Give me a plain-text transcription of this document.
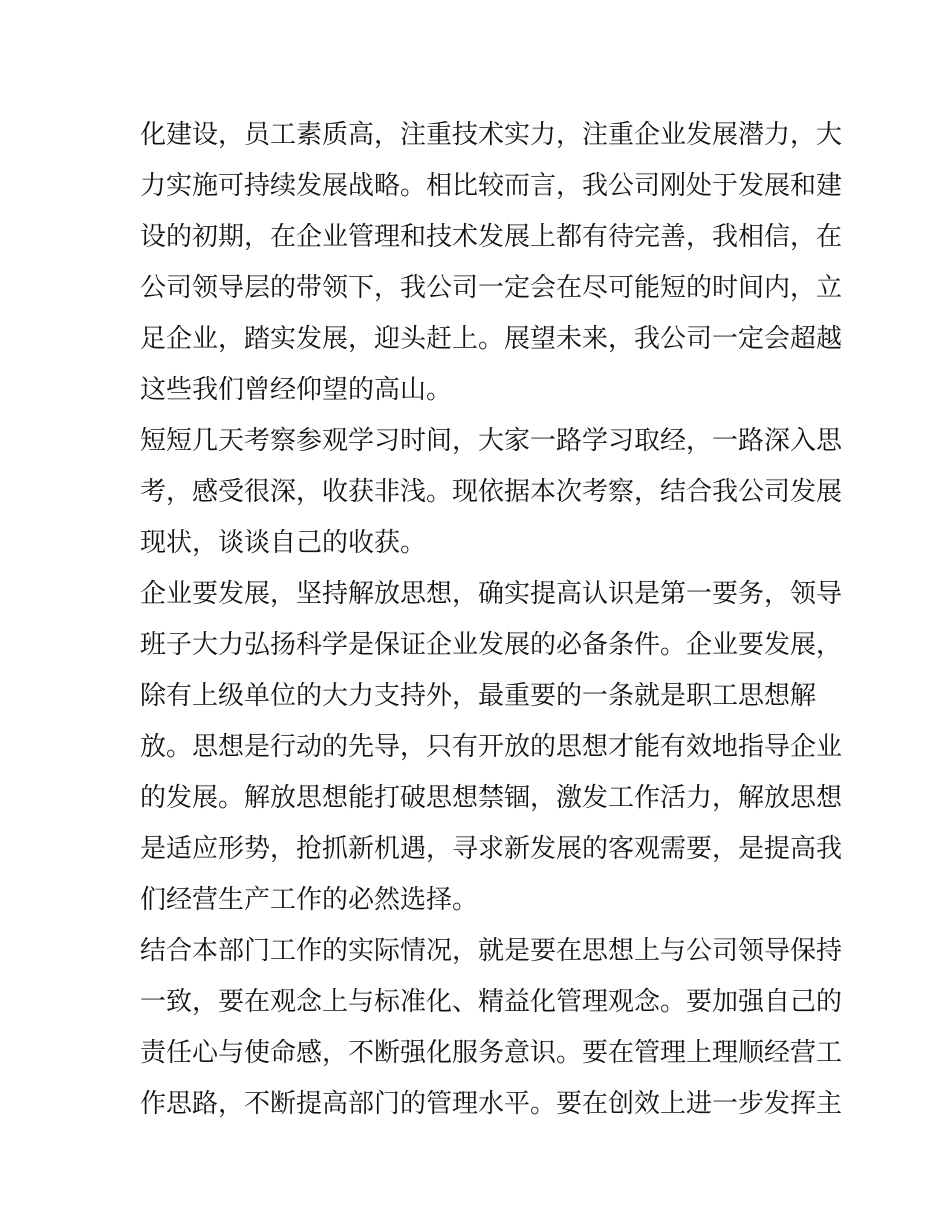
化建设，员工素质高，注重技术实力，注重企业发展潜力，大
力实施可持续发展战略。相比较而言，我公司刚处于发展和建
设的初期，在企业管理和技术发展上都有待完善，我相信，在
公司领导层的带领下，我公司一定会在尽可能短的时间内，立
足企业，踏实发展，迎头赶上。展望未来，我公司一定会超越
这些我们曾经仰望的高山。
短短几天考察参观学习时间，大家一路学习取经，一路深入思
考，感受很深，收获非浅。现依据本次考察，结合我公司发展
现状，谈谈自己的收获。
企业要发展，坚持解放思想，确实提高认识是第一要务，领导
班子大力弘扬科学是保证企业发展的必备条件。企业要发展，
除有上级单位的大力支持外，最重要的一条就是职工思想解
放。思想是行动的先导，只有开放的思想才能有效地指导企业
的发展。解放思想能打破思想禁锢，激发工作活力，解放思想
是适应形势，抢抓新机遇，寻求新发展的客观需要，是提高我
们经营生产工作的必然选择。
结合本部门工作的实际情况，就是要在思想上与公司领导保持
一致，要在观念上与标准化、精益化管理观念。要加强自己的
责任心与使命感，不断强化服务意识。要在管理上理顺经营工
作思路，不断提高部门的管理水平。要在创效上进一步发挥主
